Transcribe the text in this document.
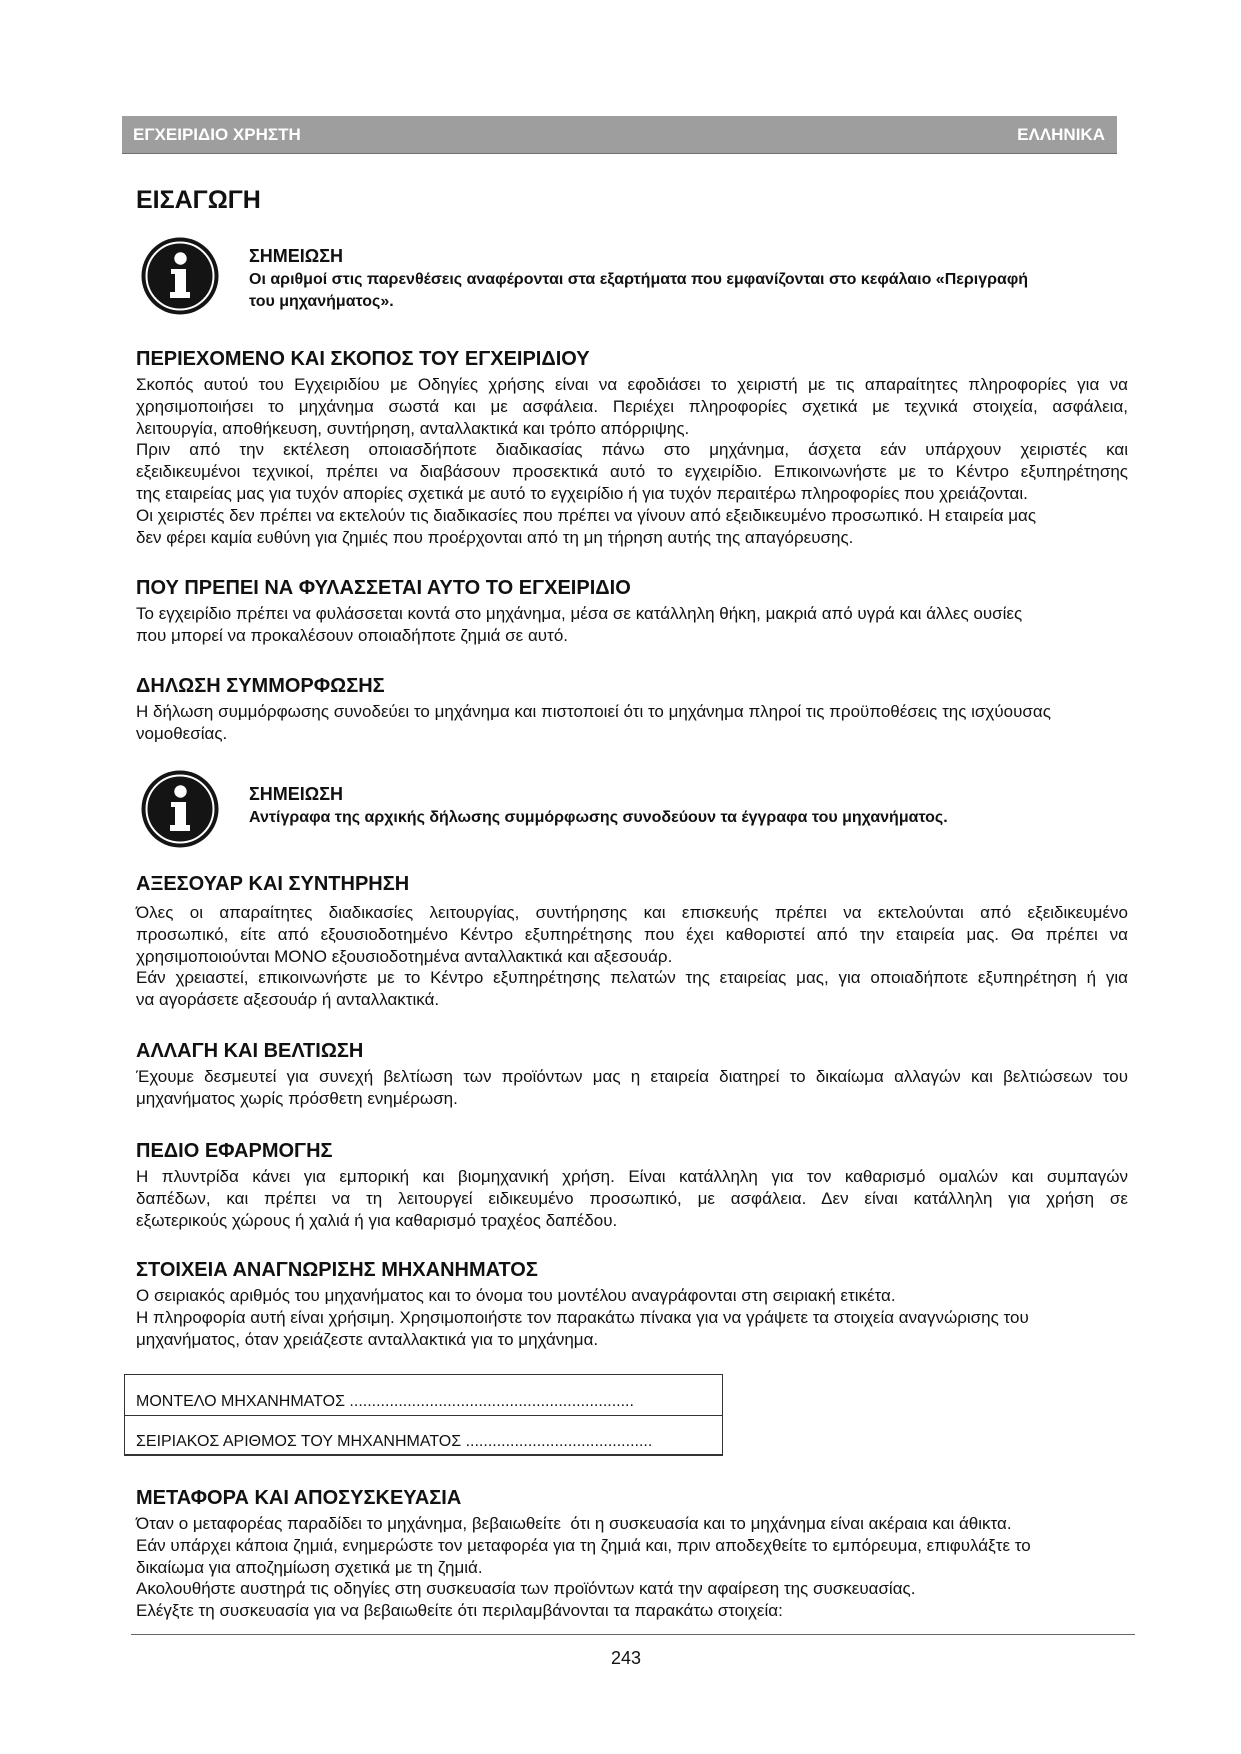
ΕΓΧΕΙΡΙΔΙΟ ΧΡΗΣΤΗ	ΕΛΛΗΝΙΚΑ
ΕΙΣΑΓΩΓΗ
ΣΗΜΕΙΩΣΗ
Οι αριθμοί στις παρενθέσεις αναφέρονται στα εξαρτήματα που εμφανίζονται στο κεφάλαιο «Περιγραφή
του μηχανήματος».
ΠΕΡΙΕΧΟΜΕΝΟ ΚΑΙ ΣΚΟΠΟΣ ΤΟΥ ΕΓΧΕΙΡΙΔΙΟΥ
Σκοπός αυτού του Εγχειριδίου με Οδηγίες χρήσης είναι να εφοδιάσει το χειριστή με τις απαραίτητες πληροφορίες για να
χρησιμοποιήσει το μηχάνημα σωστά και με ασφάλεια. Περιέχει πληροφορίες σχετικά με τεχνικά στοιχεία, ασφάλεια,
λειτουργία, αποθήκευση, συντήρηση, ανταλλακτικά και τρόπο απόρριψης.
Πριν από την εκτέλεση οποιασδήποτε διαδικασίας πάνω στο μηχάνημα, άσχετα εάν υπάρχουν χειριστές και
εξειδικευμένοι τεχνικοί, πρέπει να διαβάσουν προσεκτικά αυτό το εγχειρίδιο. Επικοινωνήστε με το Κέντρο εξυπηρέτησης
της εταιρείας μας για τυχόν απορίες σχετικά με αυτό το εγχειρίδιο ή για τυχόν περαιτέρω πληροφορίες που χρειάζονται.
Οι χειριστές δεν πρέπει να εκτελούν τις διαδικασίες που πρέπει να γίνουν από εξειδικευμένο προσωπικό. Η εταιρεία μας
δεν φέρει καμία ευθύνη για ζημιές που προέρχονται από τη μη τήρηση αυτής της απαγόρευσης.
ΠΟΥ ΠΡΕΠΕΙ ΝΑ ΦΥΛΑΣΣΕΤΑΙ ΑΥΤΟ ΤΟ ΕΓΧΕΙΡΙΔΙΟ
Το εγχειρίδιο πρέπει να φυλάσσεται κοντά στο μηχάνημα, μέσα σε κατάλληλη θήκη, μακριά από υγρά και άλλες ουσίες
που μπορεί να προκαλέσουν οποιαδήποτε ζημιά σε αυτό.
ΔΗΛΩΣΗ ΣΥΜΜΟΡΦΩΣΗΣ
Η δήλωση συμμόρφωσης συνοδεύει το μηχάνημα και πιστοποιεί ότι το μηχάνημα πληροί τις προϋποθέσεις της ισχύουσας
νομοθεσίας.
ΣΗΜΕΙΩΣΗ
Αντίγραφα της αρχικής δήλωσης συμμόρφωσης συνοδεύουν τα έγγραφα του μηχανήματος.
ΑΞΕΣΟΥΑΡ ΚΑΙ ΣΥΝΤΗΡΗΣΗ
Όλες οι απαραίτητες διαδικασίες λειτουργίας, συντήρησης και επισκευής πρέπει να εκτελούνται από εξειδικευμένο
προσωπικό, είτε από εξουσιοδοτημένο Κέντρο εξυπηρέτησης που έχει καθοριστεί από την εταιρεία μας. Θα πρέπει να
χρησιμοποιούνται ΜΟΝΟ εξουσιοδοτημένα ανταλλακτικά και αξεσουάρ.
Εάν χρειαστεί, επικοινωνήστε με το Κέντρο εξυπηρέτησης πελατών της εταιρείας μας, για οποιαδήποτε εξυπηρέτηση ή για
να αγοράσετε αξεσουάρ ή ανταλλακτικά.
ΑΛΛΑΓΗ ΚΑΙ ΒΕΛΤΙΩΣΗ
Έχουμε δεσμευτεί για συνεχή βελτίωση των προϊόντων μας η εταιρεία διατηρεί το δικαίωμα αλλαγών και βελτιώσεων του
μηχανήματος χωρίς πρόσθετη ενημέρωση.
ΠΕΔΙΟ ΕΦΑΡΜΟΓΗΣ
Η πλυντρίδα κάνει για εμπορική και βιομηχανική χρήση. Είναι κατάλληλη για τον καθαρισμό ομαλών και συμπαγών
δαπέδων, και πρέπει να τη λειτουργεί ειδικευμένο προσωπικό, με ασφάλεια. Δεν είναι κατάλληλη για χρήση σε
εξωτερικούς χώρους ή χαλιά ή για καθαρισμό τραχέος δαπέδου.
ΣΤΟΙΧΕΙΑ ΑΝΑΓΝΩΡΙΣΗΣ ΜΗΧΑΝΗΜΑΤΟΣ
Ο σειριακός αριθμός του μηχανήματος και το όνομα του μοντέλου αναγράφονται στη σειριακή ετικέτα.
Η πληροφορία αυτή είναι χρήσιμη. Χρησιμοποιήστε τον παρακάτω πίνακα για να γράψετε τα στοιχεία αναγνώρισης του
μηχανήματος, όταν χρειάζεστε ανταλλακτικά για το μηχάνημα.
ΜΟΝΤΕΛΟ ΜΗΧΑΝΗΜΑΤΟΣ ................................................................
ΣΕΙΡΙΑΚΟΣ ΑΡΙΘΜΟΣ ΤΟΥ ΜΗΧΑΝΗΜΑΤΟΣ ..........................................
ΜΕΤΑΦΟΡΑ ΚΑΙ ΑΠΟΣΥΣΚΕΥΑΣΙΑ
Όταν ο μεταφορέας παραδίδει το μηχάνημα, βεβαιωθείτε  ότι η συσκευασία και το μηχάνημα είναι ακέραια και άθικτα.
Εάν υπάρχει κάποια ζημιά, ενημερώστε τον μεταφορέα για τη ζημιά και, πριν αποδεχθείτε το εμπόρευμα, επιφυλάξτε το
δικαίωμα για αποζημίωση σχετικά με τη ζημιά.
Ακολουθήστε αυστηρά τις οδηγίες στη συσκευασία των προϊόντων κατά την αφαίρεση της συσκευασίας.
Ελέγξτε τη συσκευασία για να βεβαιωθείτε ότι περιλαμβάνονται τα παρακάτω στοιχεία:
243
